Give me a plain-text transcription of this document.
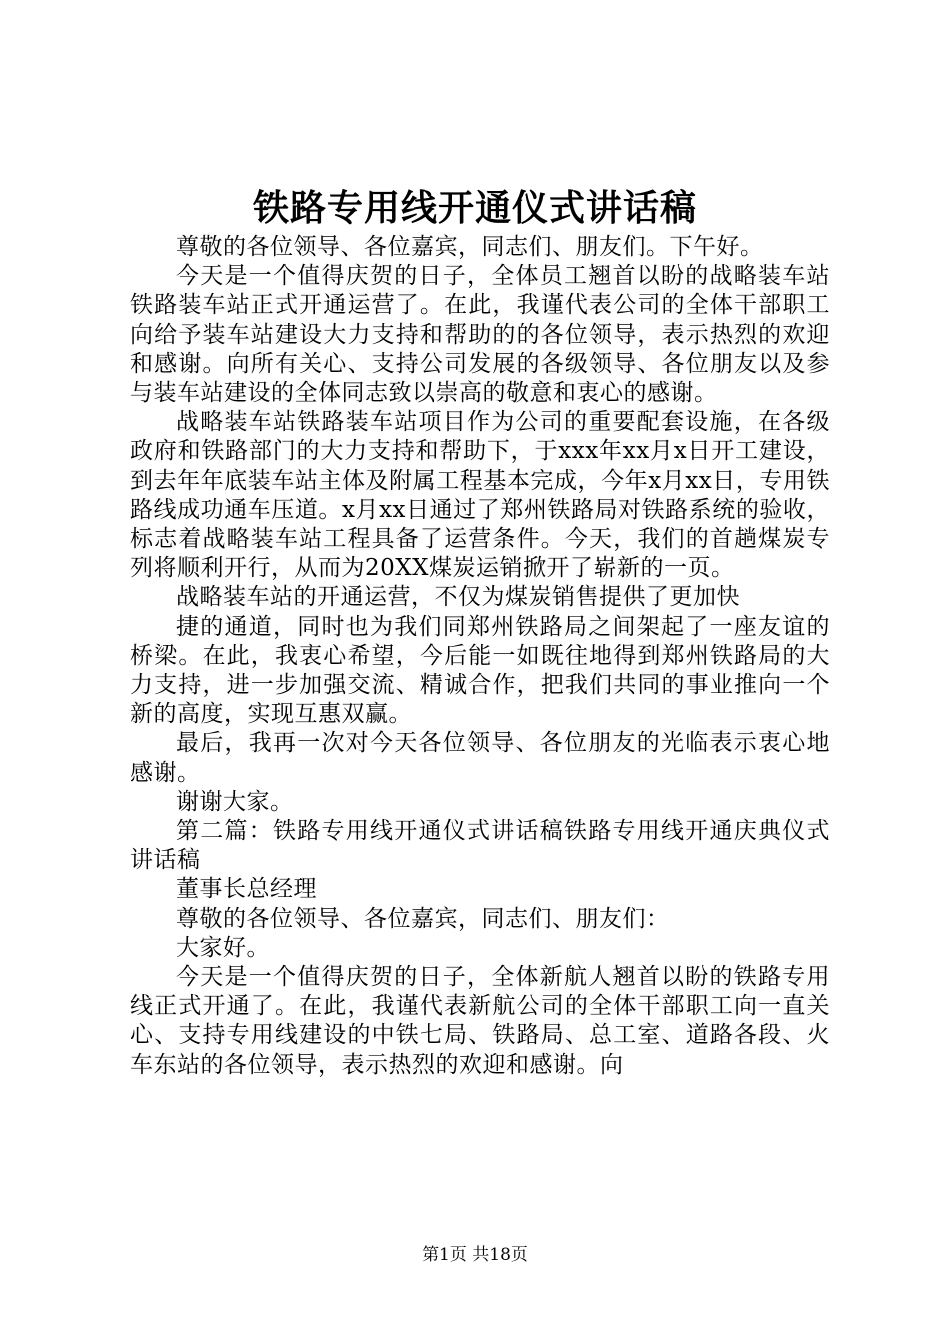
铁路专用线开通仪式讲话稿

尊敬的各位领导、各位嘉宾，同志们、朋友们。下午好。

今天是一个值得庆贺的日子，全体员工翘首以盼的战略装车站铁路装车站正式开通运营了。在此，我谨代表公司的全体干部职工向给予装车站建设大力支持和帮助的的各位领导，表示热烈的欢迎和感谢。向所有关心、支持公司发展的各级领导、各位朋友以及参与装车站建设的全体同志致以崇高的敬意和衷心的感谢。

战略装车站铁路装车站项目作为公司的重要配套设施，在各级政府和铁路部门的大力支持和帮助下，于xxx年xx月x日开工建设，到去年年底装车站主体及附属工程基本完成，今年x月xx日，专用铁路线成功通车压道。x月xx日通过了郑州铁路局对铁路系统的验收，标志着战略装车站工程具备了运营条件。今天，我们的首趟煤炭专列将顺利开行，从而为20XX煤炭运销掀开了崭新的一页。

战略装车站的开通运营，不仅为煤炭销售提供了更加快

捷的通道，同时也为我们同郑州铁路局之间架起了一座友谊的桥梁。在此，我衷心希望，今后能一如既往地得到郑州铁路局的大力支持，进一步加强交流、精诚合作，把我们共同的事业推向一个新的高度，实现互惠双赢。

最后，我再一次对今天各位领导、各位朋友的光临表示衷心地感谢。

谢谢大家。

第二篇：铁路专用线开通仪式讲话稿铁路专用线开通庆典仪式讲话稿

董事长总经理

尊敬的各位领导、各位嘉宾，同志们、朋友们：

大家好。

今天是一个值得庆贺的日子，全体新航人翘首以盼的铁路专用线正式开通了。在此，我谨代表新航公司的全体干部职工向一直关心、支持专用线建设的中铁七局、铁路局、总工室、道路各段、火车东站的各位领导，表示热烈的欢迎和感谢。向

第1页 共18页
